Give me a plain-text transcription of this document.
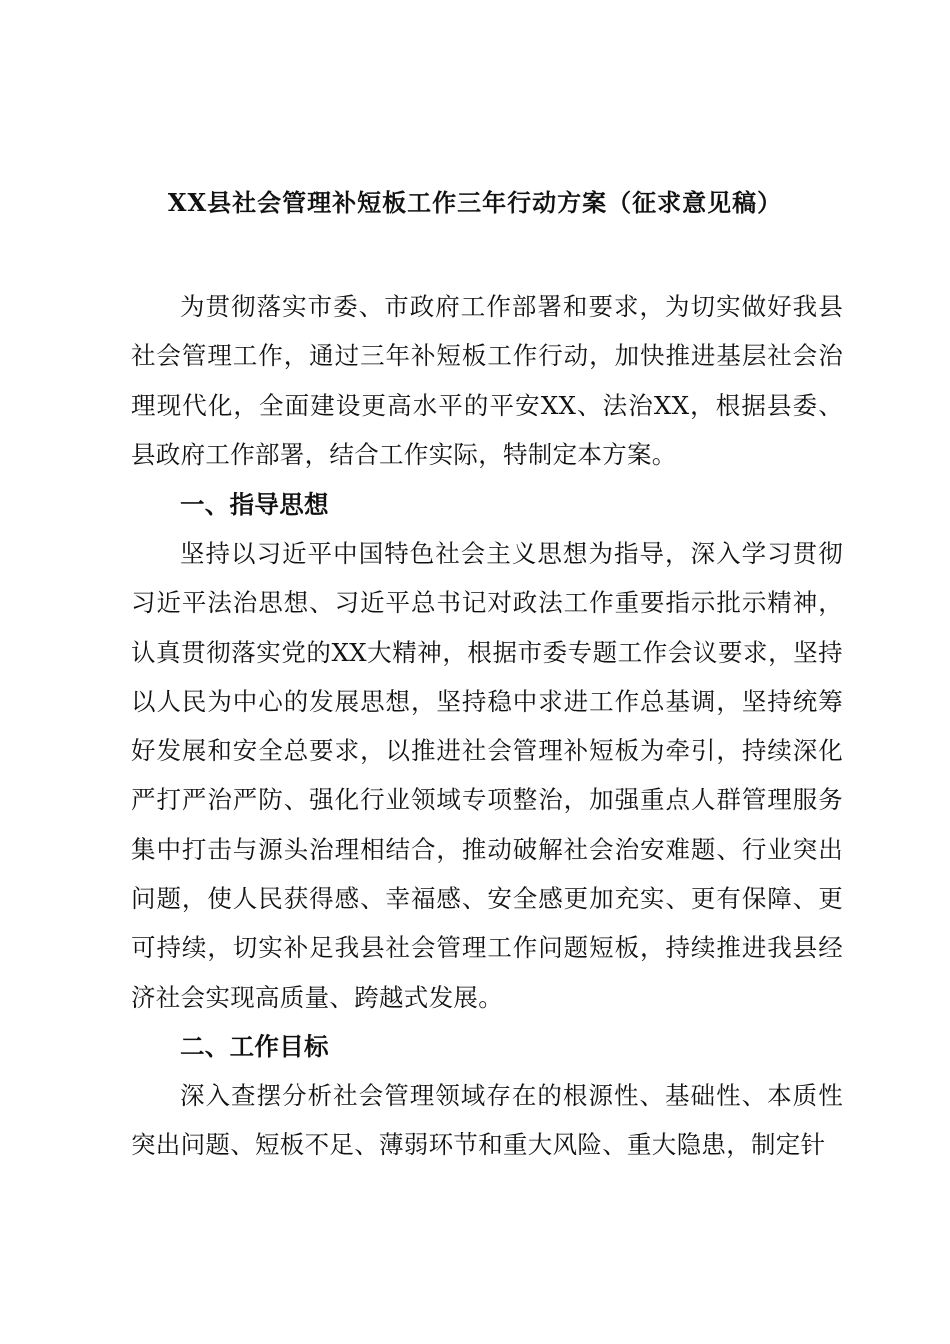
XX县社会管理补短板工作三年行动方案（征求意见稿）

为贯彻落实市委、市政府工作部署和要求，为切实做好我县社会管理工作，通过三年补短板工作行动，加快推进基层社会治理现代化，全面建设更高水平的平安XX、法治XX，根据县委、县政府工作部署，结合工作实际，特制定本方案。

一、指导思想

坚持以习近平中国特色社会主义思想为指导，深入学习贯彻习近平法治思想、习近平总书记对政法工作重要指示批示精神，认真贯彻落实党的XX大精神，根据市委专题工作会议要求，坚持以人民为中心的发展思想，坚持稳中求进工作总基调，坚持统筹好发展和安全总要求，以推进社会管理补短板为牵引，持续深化严打严治严防、强化行业领域专项整治，加强重点人群管理服务集中打击与源头治理相结合，推动破解社会治安难题、行业突出问题，使人民获得感、幸福感、安全感更加充实、更有保障、更可持续，切实补足我县社会管理工作问题短板，持续推进我县经济社会实现高质量、跨越式发展。

二、工作目标

深入查摆分析社会管理领域存在的根源性、基础性、本质性突出问题、短板不足、薄弱环节和重大风险、重大隐患，制定针
